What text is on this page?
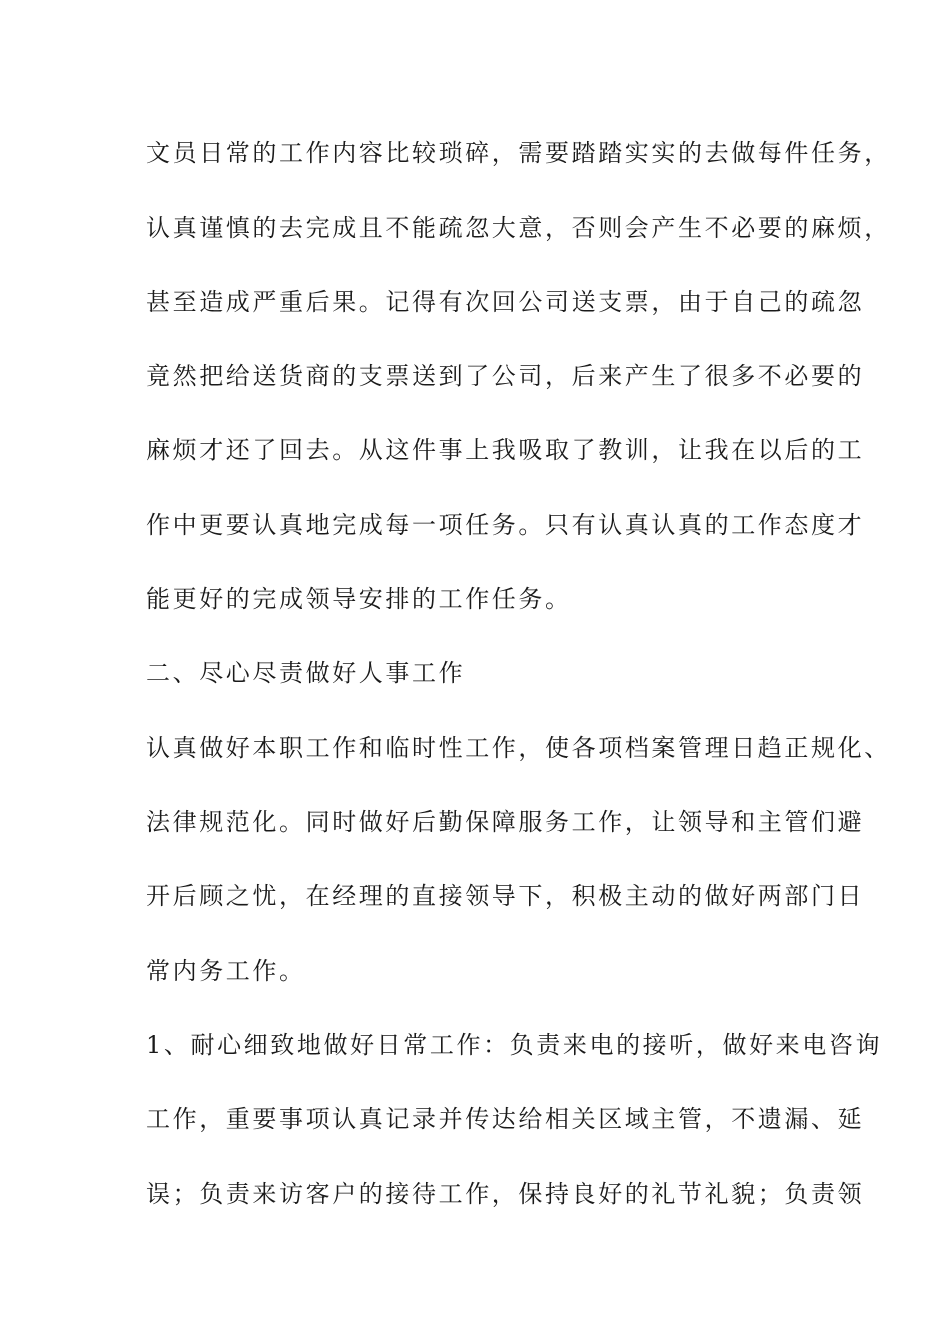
文员日常的工作内容比较琐碎，需要踏踏实实的去做每件任务，
认真谨慎的去完成且不能疏忽大意，否则会产生不必要的麻烦，
甚至造成严重后果。记得有次回公司送支票，由于自己的疏忽
竟然把给送货商的支票送到了公司，后来产生了很多不必要的
麻烦才还了回去。从这件事上我吸取了教训，让我在以后的工
作中更要认真地完成每一项任务。只有认真认真的工作态度才
能更好的完成领导安排的工作任务。
二、尽心尽责做好人事工作
认真做好本职工作和临时性工作，使各项档案管理日趋正规化、
法律规范化。同时做好后勤保障服务工作，让领导和主管们避
开后顾之忧，在经理的直接领导下，积极主动的做好两部门日
常内务工作。
1、耐心细致地做好日常工作：负责来电的接听，做好来电咨询
工作，重要事项认真记录并传达给相关区域主管，不遗漏、延
误；负责来访客户的接待工作，保持良好的礼节礼貌；负责领
